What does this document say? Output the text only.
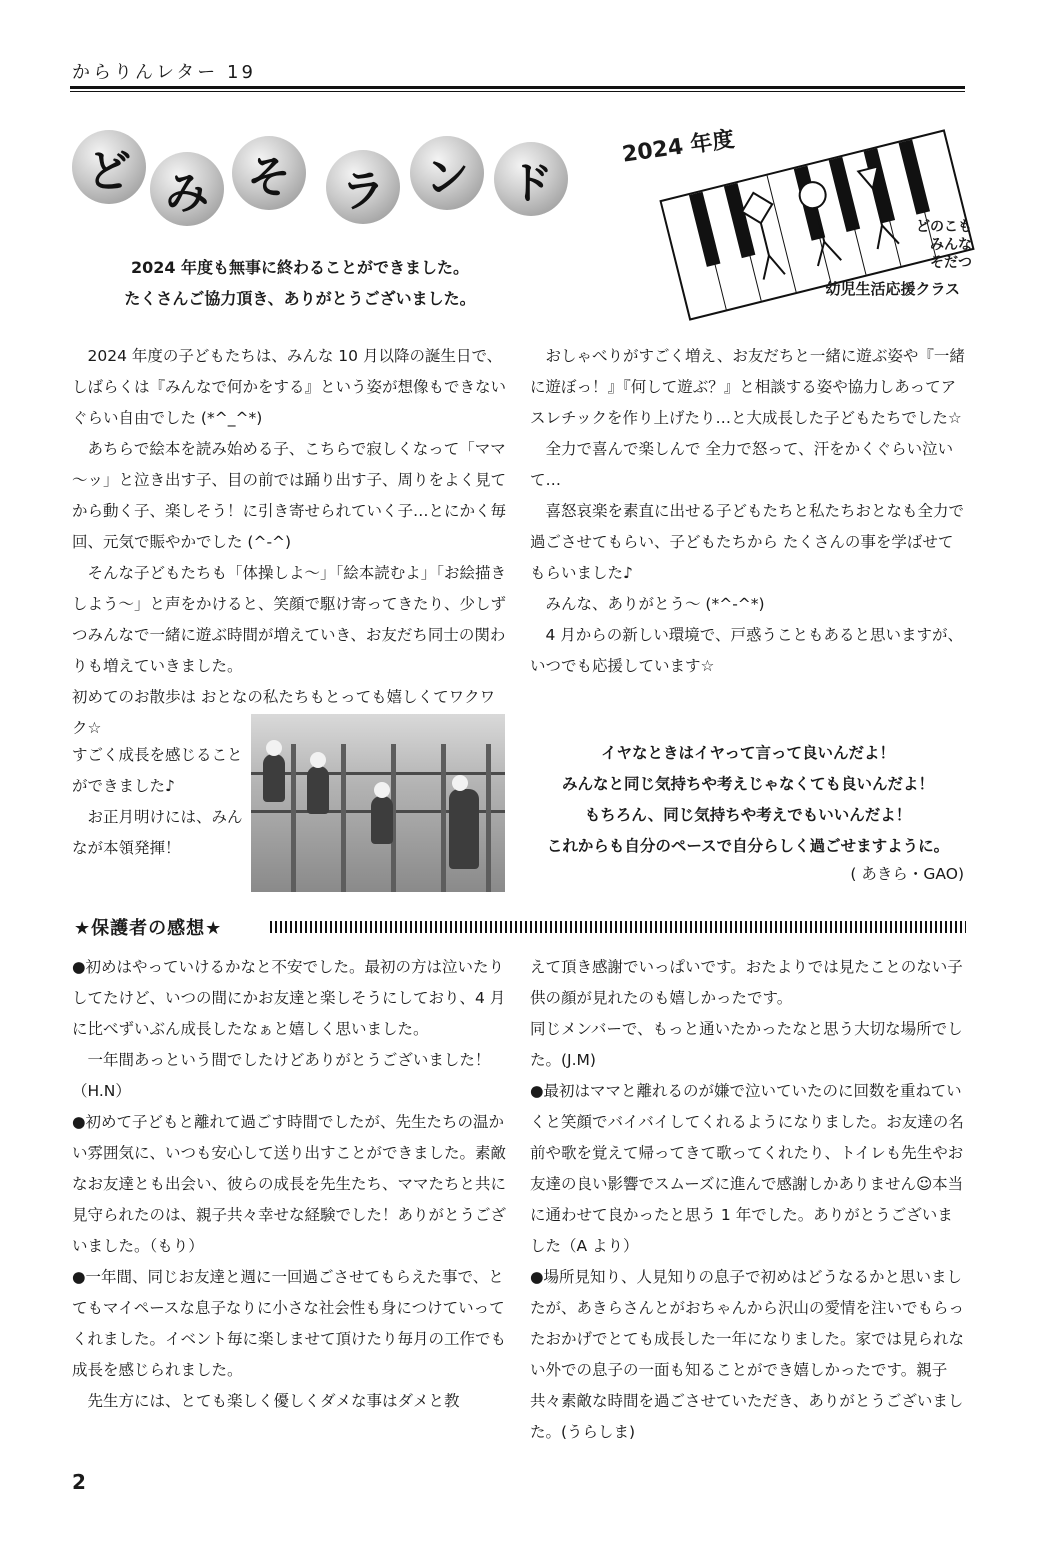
からりんレター 19
ど み そ	ラ ン ド
2024 年度も無事に終わることができました。
たくさんご協力頂き、ありがとうございました。
2024 年度
どのこも
みんな
そだつ
幼児生活応援クラス

2024 年度の子どもたちは、みんな 10 月以降の誕生日で、しばらくは『みんなで何かをする』という姿が想像もできないぐらい自由でした (*^_^*)

あちらで絵本を読み始める子、こちらで寂しくなって「ママ～ッ」と泣き出す子、目の前では踊り出す子、周りをよく見てから動く子、楽しそう！に引き寄せられていく子…とにかく毎回、元気で賑やかでした (^-^)

そんな子どもたちも「体操しよ～」「絵本読むよ」「お絵描きしよう～」と声をかけると、笑顔で駆け寄ってきたり、少しずつみんなで一緒に遊ぶ時間が増えていき、お友だち同士の関わりも増えていきました。

初めてのお散歩は おとなの私たちもとっても嬉しくてワクワク☆

すごく成長を感じることができました♪

お正月明けには、みんなが本領発揮！

おしゃべりがすごく増え、お友だちと一緒に遊ぶ姿や『一緒に遊ぼっ！』『何して遊ぶ？』と相談する姿や協力しあってアスレチックを作り上げたり…と大成長した子どもたちでした☆

全力で喜んで楽しんで 全力で怒って、汗をかくぐらい泣いて…

喜怒哀楽を素直に出せる子どもたちと私たちおとなも全力で過ごさせてもらい、子どもたちから たくさんの事を学ばせてもらいました♪

みんな、ありがとう～ (*^-^*)

4 月からの新しい環境で、戸惑うこともあると思いますが、いつでも応援しています☆

イヤなときはイヤって言って良いんだよ！
みんなと同じ気持ちや考えじゃなくても良いんだよ！
もちろん、同じ気持ちや考えでもいいんだよ！
これからも自分のペースで自分らしく過ごせますように。
( あきら・GAO)
★保護者の感想★

●初めはやっていけるかなと不安でした。最初の方は泣いたりしてたけど、いつの間にかお友達と楽しそうにしており、4 月に比べずいぶん成長したなぁと嬉しく思いました。

一年間あっという間でしたけどありがとうございました！（H.N）

●初めて子どもと離れて過ごす時間でしたが、先生たちの温かい雰囲気に、いつも安心して送り出すことができました。素敵なお友達とも出会い、彼らの成長を先生たち、ママたちと共に見守られたのは、親子共々幸せな経験でした！ありがとうございました。（もり）

●一年間、同じお友達と週に一回過ごさせてもらえた事で、とてもマイペースな息子なりに小さな社会性も身につけていってくれました。イベント毎に楽しませて頂けたり毎月の工作でも成長を感じられました。

先生方には、とても楽しく優しくダメな事はダメと教

えて頂き感謝でいっぱいです。おたよりでは見たことのない子供の顔が見れたのも嬉しかったです。

同じメンバーで、もっと通いたかったなと思う大切な場所でした。(J.M)

●最初はママと離れるのが嫌で泣いていたのに回数を重ねていくと笑顔でバイバイしてくれるようになりました。お友達の名前や歌を覚えて帰ってきて歌ってくれたり、トイレも先生やお友達の良い影響でスムーズに進んで感謝しかありません☺本当に通わせて良かったと思う 1 年でした。ありがとうございました（A より）

●場所見知り、人見知りの息子で初めはどうなるかと思いましたが、あきらさんとがおちゃんから沢山の愛情を注いでもらったおかげでとても成長した一年になりました。家では見られない外での息子の一面も知ることができ嬉しかったです。親子共々素敵な時間を過ごさせていただき、ありがとうございました。(うらしま)

2
